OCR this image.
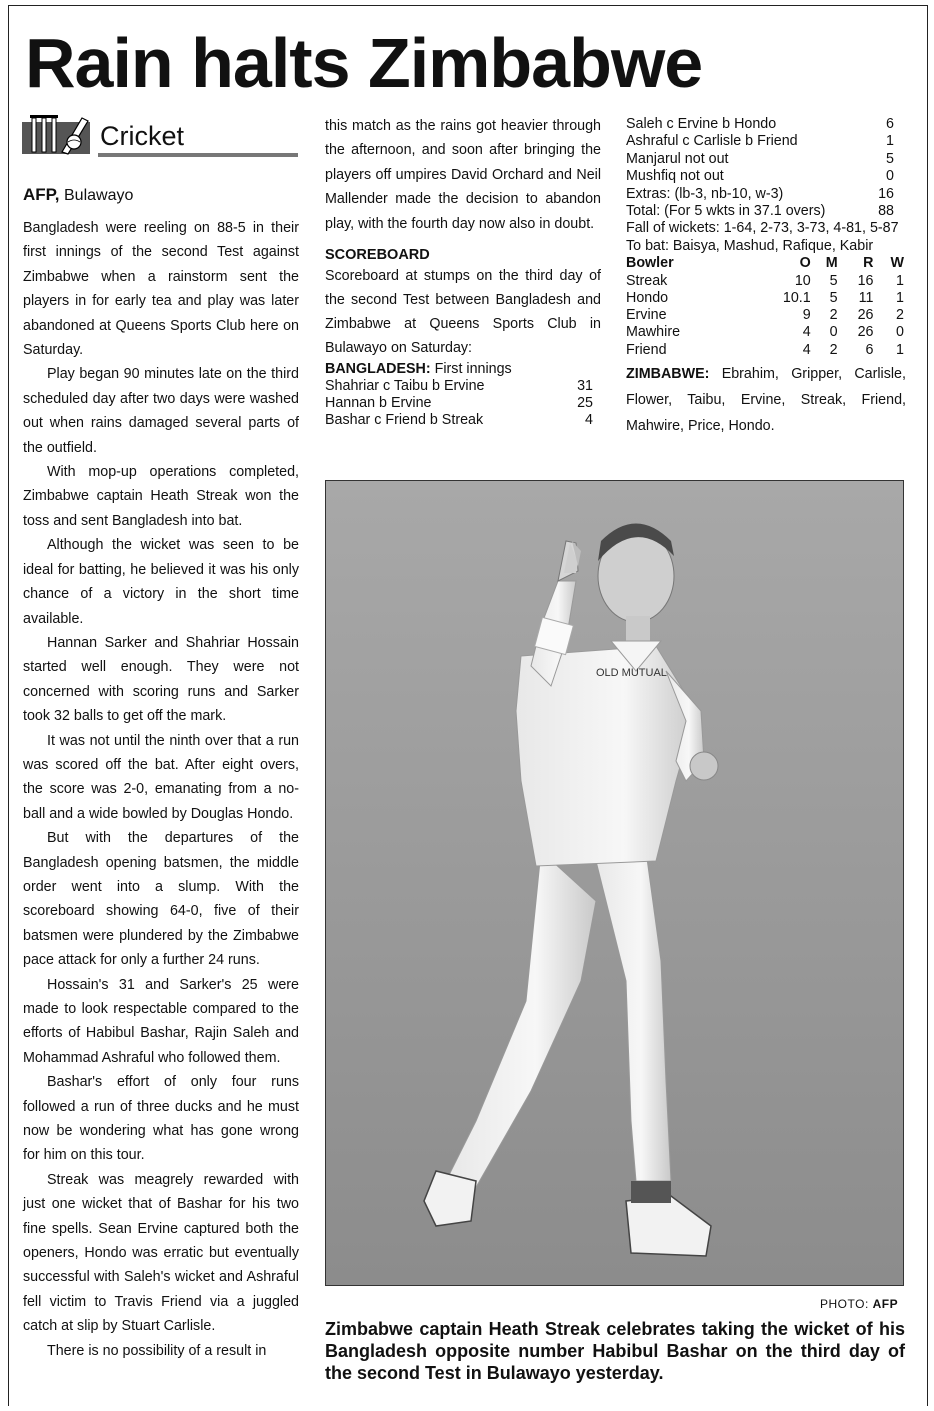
Rain halts Zimbabwe
Cricket
AFP, Bulawayo

Bangladesh were reeling on 88-5 in their first innings of the second Test against Zimbabwe when a rainstorm sent the players in for early tea and play was later abandoned at Queens Sports Club here on Saturday.

Play began 90 minutes late on the third scheduled day after two days were washed out when rains damaged several parts of the outfield.

With mop-up operations completed, Zimbabwe captain Heath Streak won the toss and sent Bangladesh into bat.

Although the wicket was seen to be ideal for batting, he believed it was his only chance of a victory in the short time available.

Hannan Sarker and Shahriar Hossain started well enough. They were not concerned with scoring runs and Sarker took 32 balls to get off the mark.

It was not until the ninth over that a run was scored off the bat. After eight overs, the score was 2-0, emanating from a no-ball and a wide bowled by Douglas Hondo.

But with the departures of the Bangladesh opening batsmen, the middle order went into a slump. With the scoreboard showing 64-0, five of their batsmen were plundered by the Zimbabwe pace attack for only a further 24 runs.

Hossain's 31 and Sarker's 25 were made to look respectable compared to the efforts of Habibul Bashar, Rajin Saleh and Mohammad Ashraful who followed them.

Bashar's effort of only four runs followed a run of three ducks and he must now be wondering what has gone wrong for him on this tour.

Streak was meagrely rewarded with just one wicket that of Bashar for his two fine spells. Sean Ervine captured both the openers, Hondo was erratic but eventually successful with Saleh's wicket and Ashraful fell victim to Travis Friend via a juggled catch at slip by Stuart Carlisle.

There is no possibility of a result in

this match as the rains got heavier through the afternoon, and soon after bringing the players off umpires David Orchard and Neil Mallender made the decision to abandon play, with the fourth day now also in doubt.

SCOREBOARD
Scoreboard at stumps on the third day of the second Test between Bangladesh and Zimbabwe at Queens Sports Club in Bulawayo on Saturday:
BANGLADESH: First innings
Shahriar c Taibu b Ervine	31
Hannan b Ervine	25
Bashar c Friend b Streak	4
Saleh c Ervine b Hondo	6
Ashraful c Carlisle b Friend	1
Manjarul not out	5
Mushfiq not out	0
Extras: (lb-3, nb-10, w-3)	16
Total: (For 5 wkts in 37.1 overs)	88
Fall of wickets: 1-64, 2-73, 3-73, 4-81, 5-87
To bat: Baisya, Mashud, Rafique, Kabir
Bowler	O	M	R	W
Streak	10	5	16	1
Hondo	10.1	5	11	1
Ervine	9	2	26	2
Mawhire	4	0	26	0
Friend	4	2	6	1
ZIMBABWE: Ebrahim, Gripper, Carlisle, Flower, Taibu, Ervine, Streak, Friend, Mahwire, Price, Hondo.
OLD MUTUAL
PHOTO: AFP
Zimbabwe captain Heath Streak celebrates taking the wicket of his Bangladesh opposite number Habibul Bashar on the third day of the second Test in Bulawayo yesterday.
